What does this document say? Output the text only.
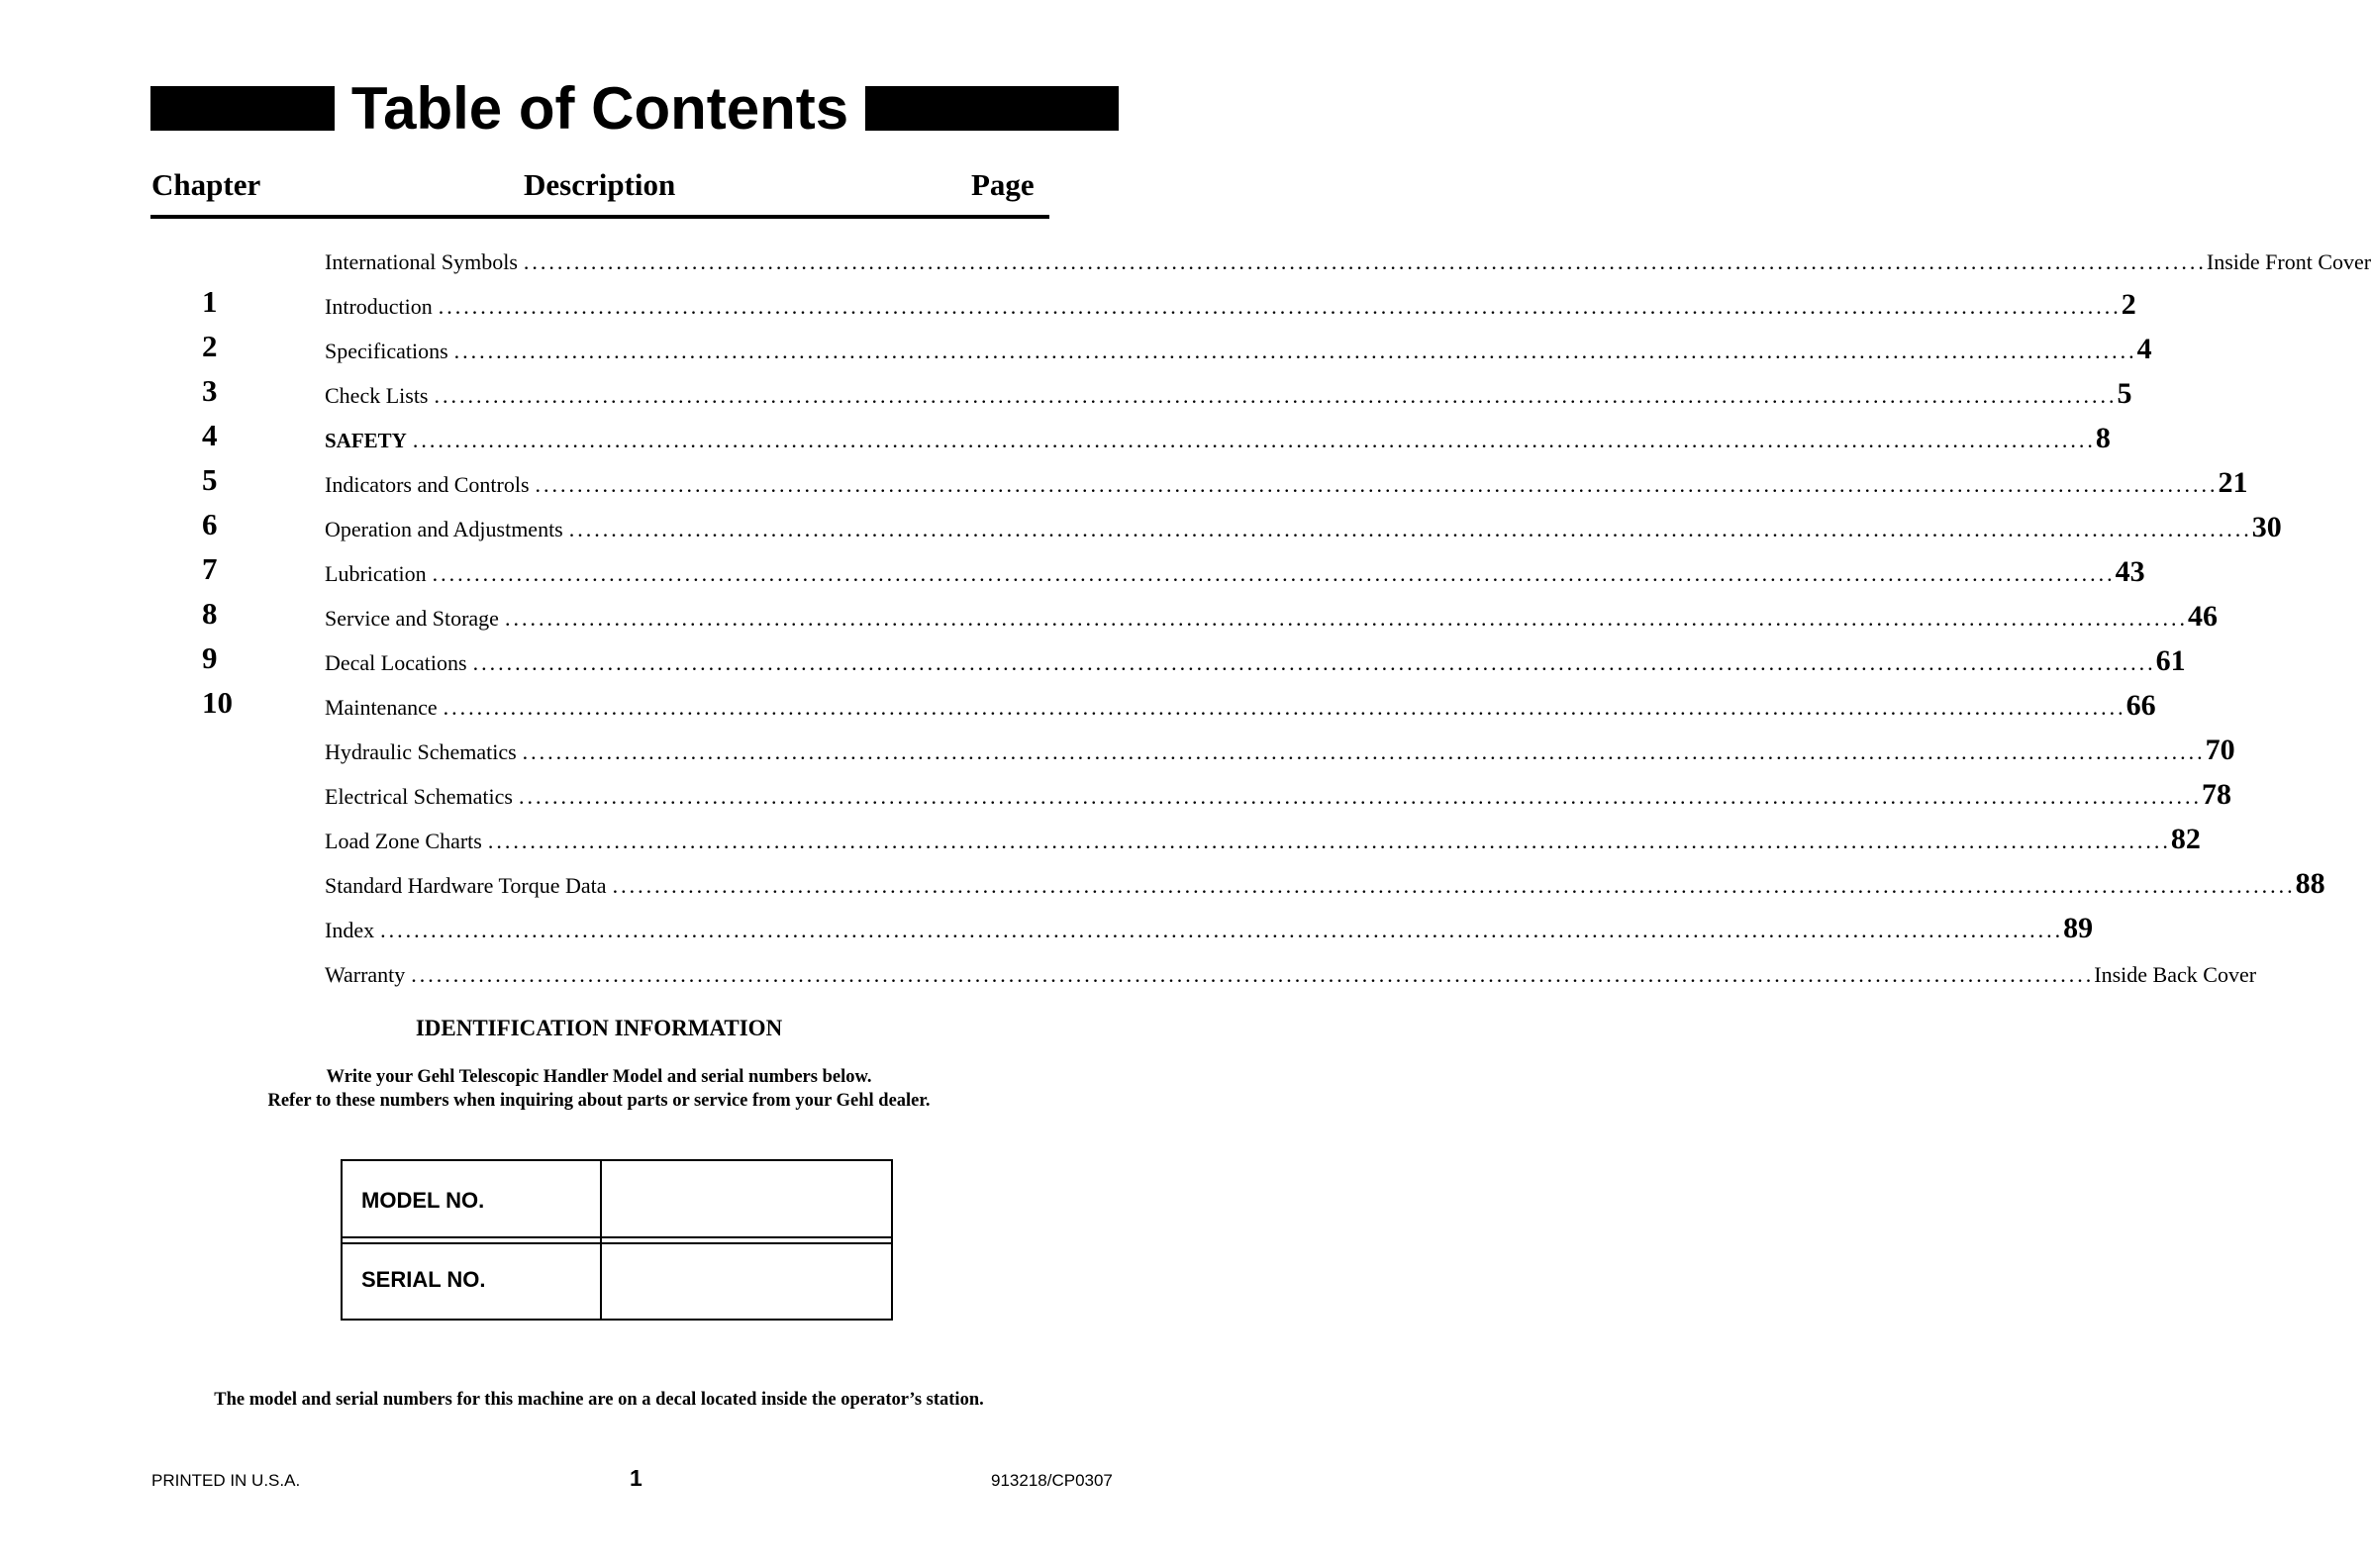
Table of Contents
Chapter	Description	Page
International Symbols ........................................................................................................................................................................................................ Inside Front Cover
1	Introduction ........................................................................................................................................................................................................ 2
2	Specifications ........................................................................................................................................................................................................ 4
3	Check Lists ........................................................................................................................................................................................................ 5
4	SAFETY ........................................................................................................................................................................................................ 8
5	Indicators and Controls ........................................................................................................................................................................................................ 21
6	Operation and Adjustments ........................................................................................................................................................................................................ 30
7	Lubrication ........................................................................................................................................................................................................ 43
8	Service and Storage ........................................................................................................................................................................................................ 46
9	Decal Locations ........................................................................................................................................................................................................ 61
10	Maintenance ........................................................................................................................................................................................................ 66
Hydraulic Schematics ........................................................................................................................................................................................................ 70
Electrical Schematics ........................................................................................................................................................................................................ 78
Load Zone Charts ........................................................................................................................................................................................................ 82
Standard Hardware Torque Data ........................................................................................................................................................................................................ 88
Index ........................................................................................................................................................................................................ 89
Warranty ........................................................................................................................................................................................................ Inside Back Cover
IDENTIFICATION INFORMATION
Write your Gehl Telescopic Handler Model and serial numbers below.
Refer to these numbers when inquiring about parts or service from your Gehl dealer.
MODEL NO.
SERIAL NO.
The model and serial numbers for this machine are on a decal located inside the operator’s station.
PRINTED IN U.S.A.	1	913218/CP0307
